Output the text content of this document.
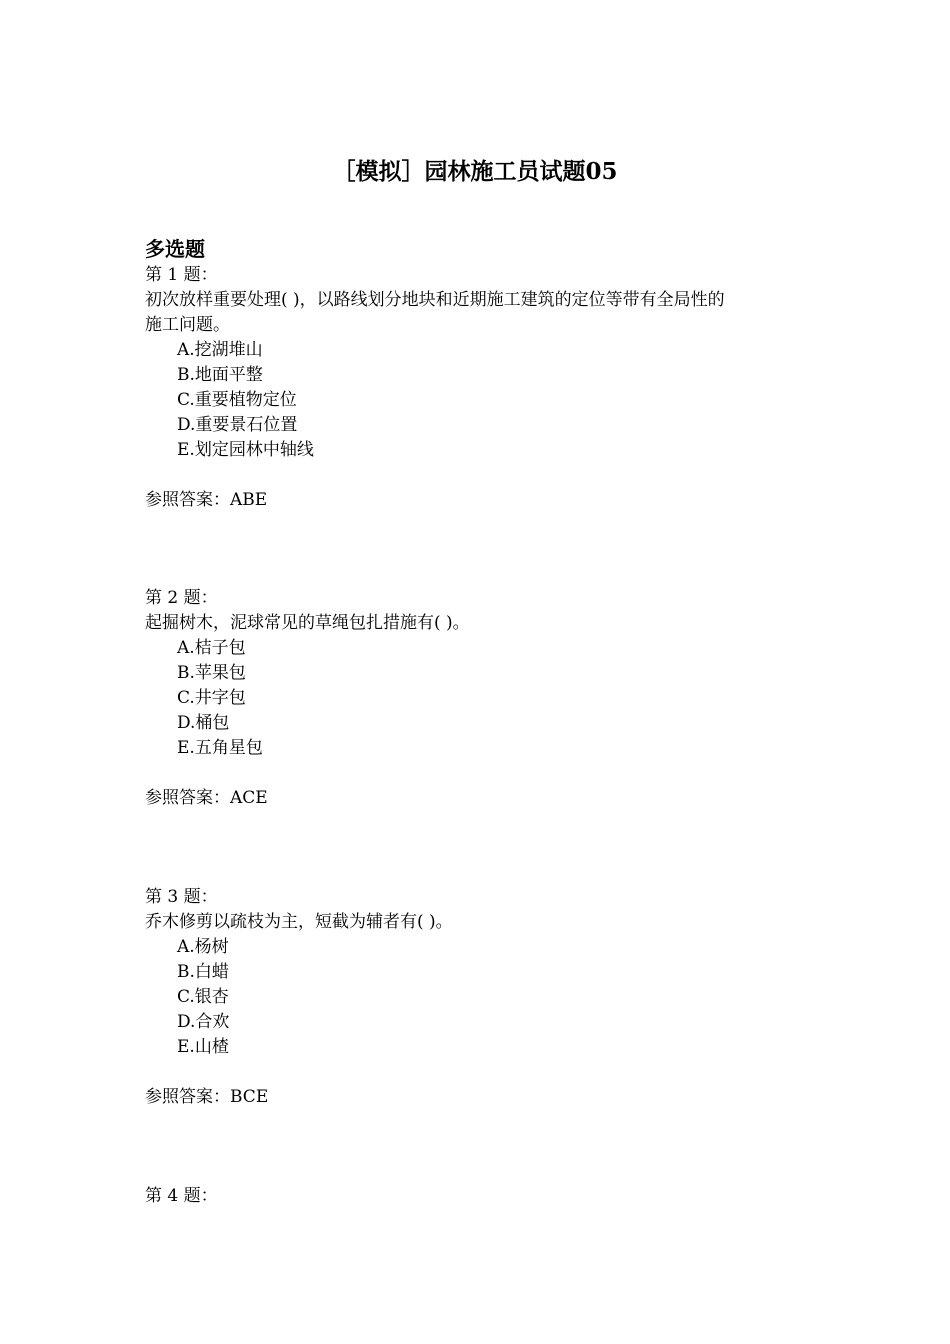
［模拟］园林施工员试题05
多选题
第 1 题：
初次放样重要处理( )，以路线划分地块和近期施工建筑的定位等带有全局性的
施工问题。
A.挖湖堆山
B.地面平整
C.重要植物定位
D.重要景石位置
E.划定园林中轴线
参照答案：ABE
第 2 题：
起掘树木，泥球常见的草绳包扎措施有( )。
A.桔子包
B.苹果包
C.井字包
D.桶包
E.五角星包
参照答案：ACE
第 3 题：
乔木修剪以疏枝为主，短截为辅者有( )。
A.杨树
B.白蜡
C.银杏
D.合欢
E.山楂
参照答案：BCE
第 4 题：
